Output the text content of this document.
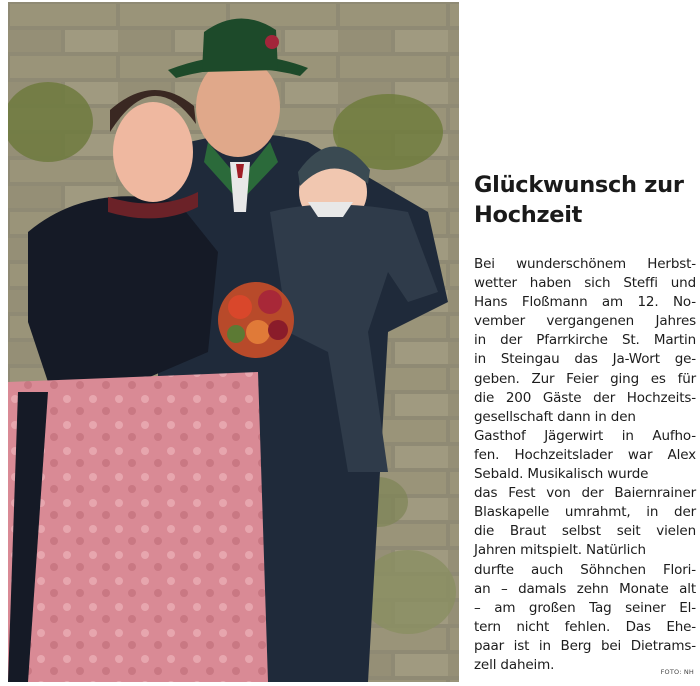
Glückwunsch zur
Hochzeit
Bei wunderschönem Herbst-
wetter haben sich Steffi und
Hans Floßmann am 12. No-
vember vergangenen Jahres
in der Pfarrkirche St. Martin
in Steingau das Ja-Wort ge-
geben. Zur Feier ging es für
die 200 Gäste der Hochzeits-
gesellschaft dann in den
Gasthof Jägerwirt in Aufho-
fen. Hochzeitslader war Alex
Sebald. Musikalisch wurde
das Fest von der Baiernrainer
Blaskapelle umrahmt, in der
die Braut selbst seit vielen
Jahren mitspielt. Natürlich
durfte auch Söhnchen Flori-
an – damals zehn Monate alt
– am großen Tag seiner El-
tern nicht fehlen. Das Ehe-
paar ist in Berg bei Dietrams-
zell daheim.	FOTO: NH
